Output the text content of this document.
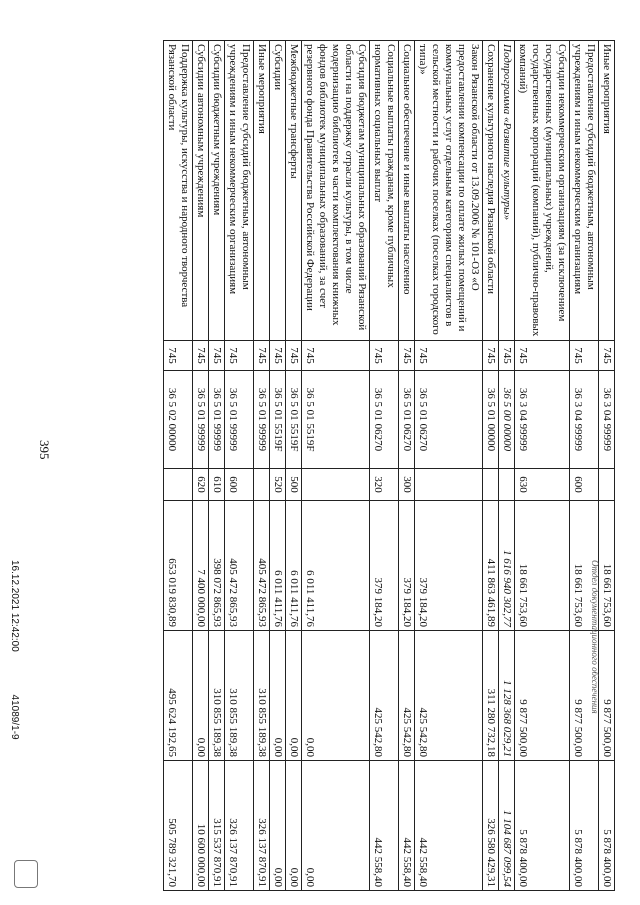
395
Иные мероприятия	745	36 3 04 99999		18 661 753,60	9 877 500,00	5 878 400,00
Предоставление субсидий бюджетным, автономным учреждениям и иным некоммерческим организациям	745	36 3 04 99999	600	18 661 753,60	9 877 500,00	5 878 400,00
Субсидии некоммерческим организациям (за исключением государственных (муниципальных) учреждений, государственных корпораций (компаний), публично-правовых компаний)	745	36 3 04 99999	630	18 661 753,60	9 877 500,00	5 878 400,00
Подпрограмма «Развитие культуры»	745	36 5 00 00000		1 616 940 302,77	1 128 368 029,21	1 104 687 099,54
Сохранение культурного наследия Рязанской области	745	36 5 01 00000		411 863 461,89	311 280 732,18	326 580 429,31
Закон Рязанской области от 13.09.2006 № 101-ОЗ «О предоставлении компенсации по оплате жилых помещений и коммунальных услуг отдельным категориям специалистов в сельской местности и рабочих поселках (поселках городского типа)»	745	36 5 01 06270		379 184,20	425 542,80	442 558,40
Социальное обеспечение и иные выплаты населению	745	36 5 01 06270	300	379 184,20	425 542,80	442 558,40
Социальные выплаты гражданам, кроме публичных нормативных социальных выплат	745	36 5 01 06270	320	379 184,20	425 542,80	442 558,40
Субсидия бюджетам муниципальных образований Рязанской области на поддержку отрасли культуры, в том числе модернизацию библиотек в части комплектования книжных фондов библиотек муниципальных образований, за счет резервного фонда Правительства Российской Федерации	745	36 5 01 5519F		6 011 411,76	0,00	0,00
Межбюджетные трансферты	745	36 5 01 5519F	500	6 011 411,76	0,00	0,00
Субсидии	745	36 5 01 5519F	520	6 011 411,76	0,00	0,00
Иные мероприятия	745	36 5 01 99999		405 472 865,93	310 855 189,38	326 137 870,91
Предоставление субсидий бюджетным, автономным учреждениям и иным некоммерческим организациям	745	36 5 01 99999	600	405 472 865,93	310 855 189,38	326 137 870,91
Субсидии бюджетным учреждениям	745	36 5 01 99999	610	398 072 865,93	310 855 189,38	315 537 870,91
Субсидии автономным учреждениям	745	36 5 01 99999	620	7 400 000,00	0,00	10 600 000,00
Поддержка культуры, искусства и народного творчества Рязанской области	745	36 5 02 00000		653 019 830,89	495 624 192,65	505 789 321,70
16.12.2021 12:42:00 41089/1-9
Отдел документационного обеспечения
